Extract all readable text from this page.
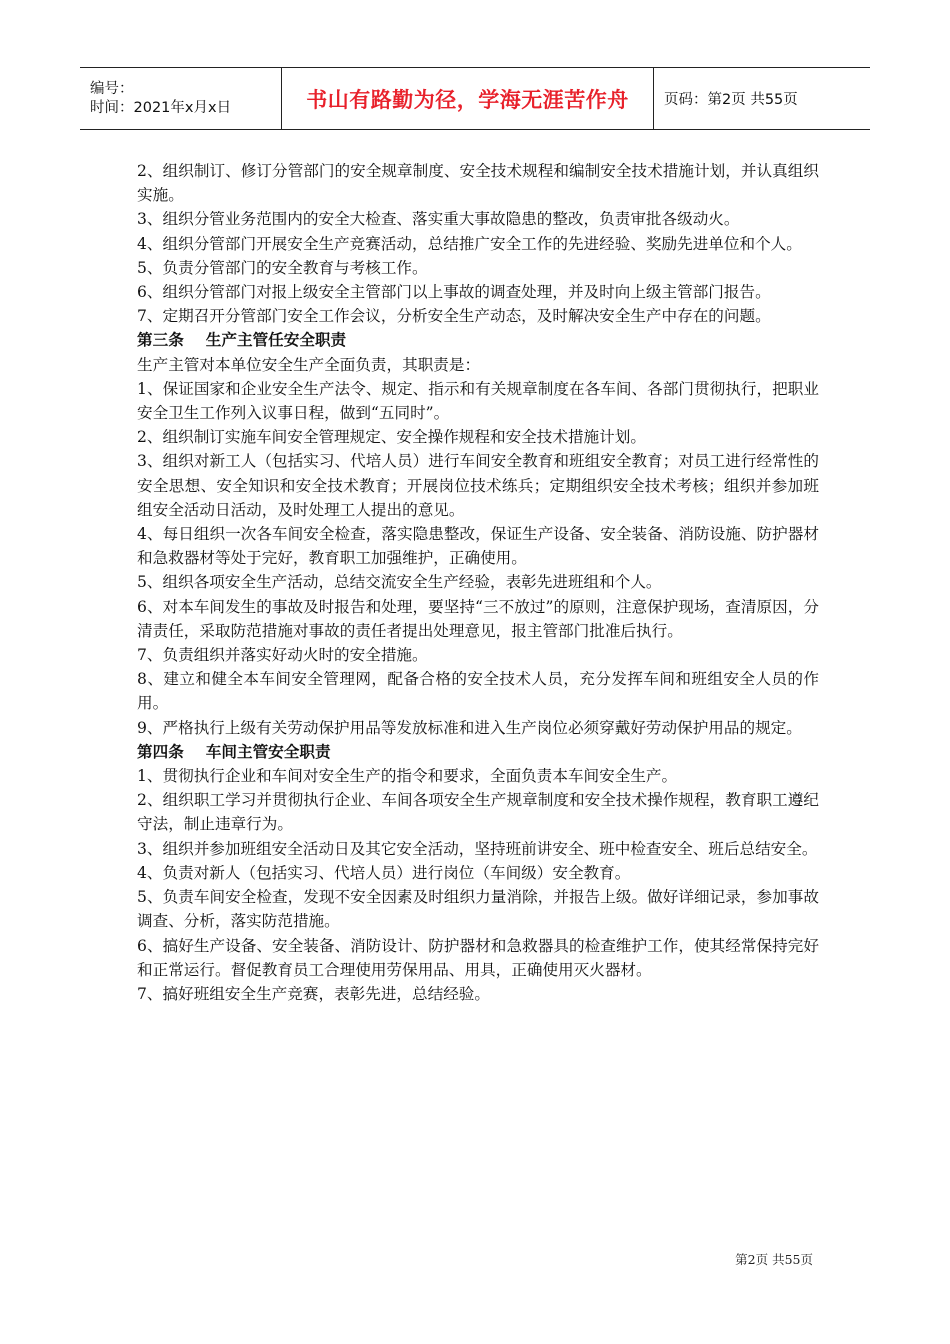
编号：
时间：2021年x月x日	书山有路勤为径，学海无涯苦作舟 页码：第2页 共55页

2、组织制订、修订分管部门的安全规章制度、安全技术规程和编制安全技术措施计划，并认真组织实施。

3、组织分管业务范围内的安全大检查、落实重大事故隐患的整改，负责审批各级动火。

4、组织分管部门开展安全生产竞赛活动，总结推广安全工作的先进经验、奖励先进单位和个人。

5、负责分管部门的安全教育与考核工作。

6、组织分管部门对报上级安全主管部门以上事故的调查处理，并及时向上级主管部门报告。

7、定期召开分管部门安全工作会议，分析安全生产动态，及时解决安全生产中存在的问题。

第三条 生产主管任安全职责

生产主管对本单位安全生产全面负责，其职责是：

1、保证国家和企业安全生产法令、规定、指示和有关规章制度在各车间、各部门贯彻执行，把职业安全卫生工作列入议事日程，做到“五同时”。

2、组织制订实施车间安全管理规定、安全操作规程和安全技术措施计划。

3、组织对新工人（包括实习、代培人员）进行车间安全教育和班组安全教育；对员工进行经常性的安全思想、安全知识和安全技术教育；开展岗位技术练兵；定期组织安全技术考核；组织并参加班组安全活动日活动，及时处理工人提出的意见。

4、每日组织一次各车间安全检查，落实隐患整改，保证生产设备、安全装备、消防设施、防护器材和急救器材等处于完好，教育职工加强维护，正确使用。

5、组织各项安全生产活动，总结交流安全生产经验，表彰先进班组和个人。

6、对本车间发生的事故及时报告和处理，要坚持“三不放过”的原则，注意保护现场，查清原因，分清责任，采取防范措施对事故的责任者提出处理意见，报主管部门批准后执行。

7、负责组织并落实好动火时的安全措施。

8、建立和健全本车间安全管理网，配备合格的安全技术人员，充分发挥车间和班组安全人员的作用。

9、严格执行上级有关劳动保护用品等发放标准和进入生产岗位必须穿戴好劳动保护用品的规定。

第四条 车间主管安全职责

1、贯彻执行企业和车间对安全生产的指令和要求，全面负责本车间安全生产。

2、组织职工学习并贯彻执行企业、车间各项安全生产规章制度和安全技术操作规程，教育职工遵纪守法，制止违章行为。

3、组织并参加班组安全活动日及其它安全活动，坚持班前讲安全、班中检查安全、班后总结安全。

4、负责对新人（包括实习、代培人员）进行岗位（车间级）安全教育。

5、负责车间安全检查，发现不安全因素及时组织力量消除，并报告上级。做好详细记录，参加事故调查、分析，落实防范措施。

6、搞好生产设备、安全装备、消防设计、防护器材和急救器具的检查维护工作，使其经常保持完好和正常运行。督促教育员工合理使用劳保用品、用具，正确使用灭火器材。

7、搞好班组安全生产竞赛，表彰先进，总结经验。

第2页 共55页
